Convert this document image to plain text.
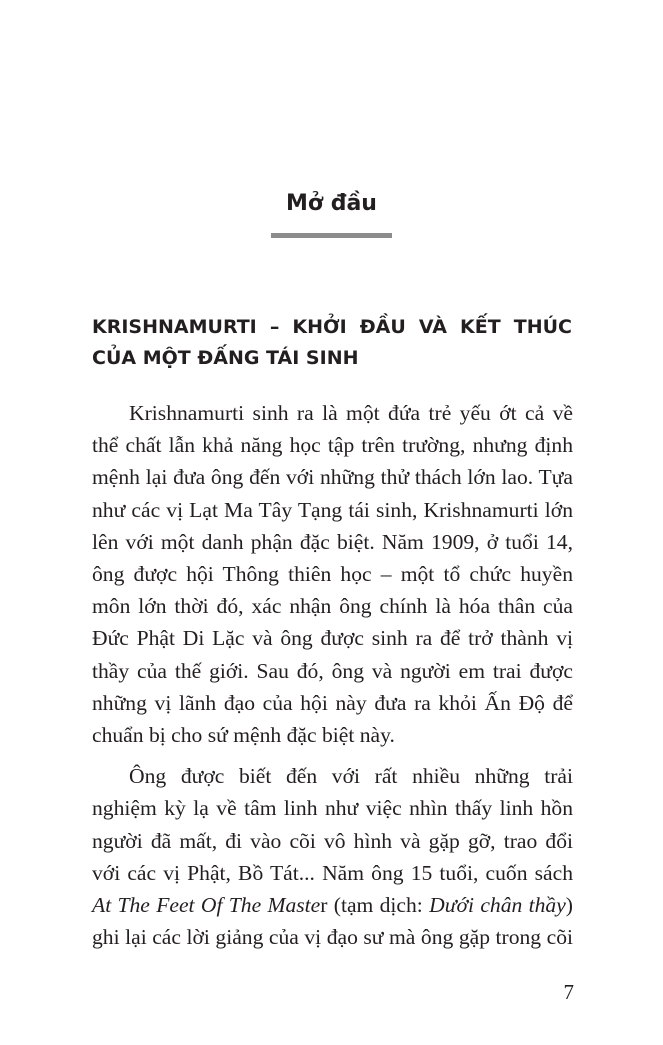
Mở đầu
KRISHNAMURTI – KHỞI ĐẦU VÀ KẾT THÚC
CỦA MỘT ĐẤNG TÁI SINH

Krishnamurti sinh ra là một đứa trẻ yếu ớt cả về
thể chất lẫn khả năng học tập trên trường, nhưng định
mệnh lại đưa ông đến với những thử thách lớn lao. Tựa
như các vị Lạt Ma Tây Tạng tái sinh, Krishnamurti lớn
lên với một danh phận đặc biệt. Năm 1909, ở tuổi 14,
ông được hội Thông thiên học – một tổ chức huyền
môn lớn thời đó, xác nhận ông chính là hóa thân của
Đức Phật Di Lặc và ông được sinh ra để trở thành vị
thầy của thế giới. Sau đó, ông và người em trai được
những vị lãnh đạo của hội này đưa ra khỏi Ấn Độ để
chuẩn bị cho sứ mệnh đặc biệt này.

Ông được biết đến với rất nhiều những trải
nghiệm kỳ lạ về tâm linh như việc nhìn thấy linh hồn
người đã mất, đi vào cõi vô hình và gặp gỡ, trao đổi
với các vị Phật, Bồ Tát... Năm ông 15 tuổi, cuốn sách
At The Feet Of The Master (tạm dịch: Dưới chân thầy)
ghi lại các lời giảng của vị đạo sư mà ông gặp trong cõi

7
